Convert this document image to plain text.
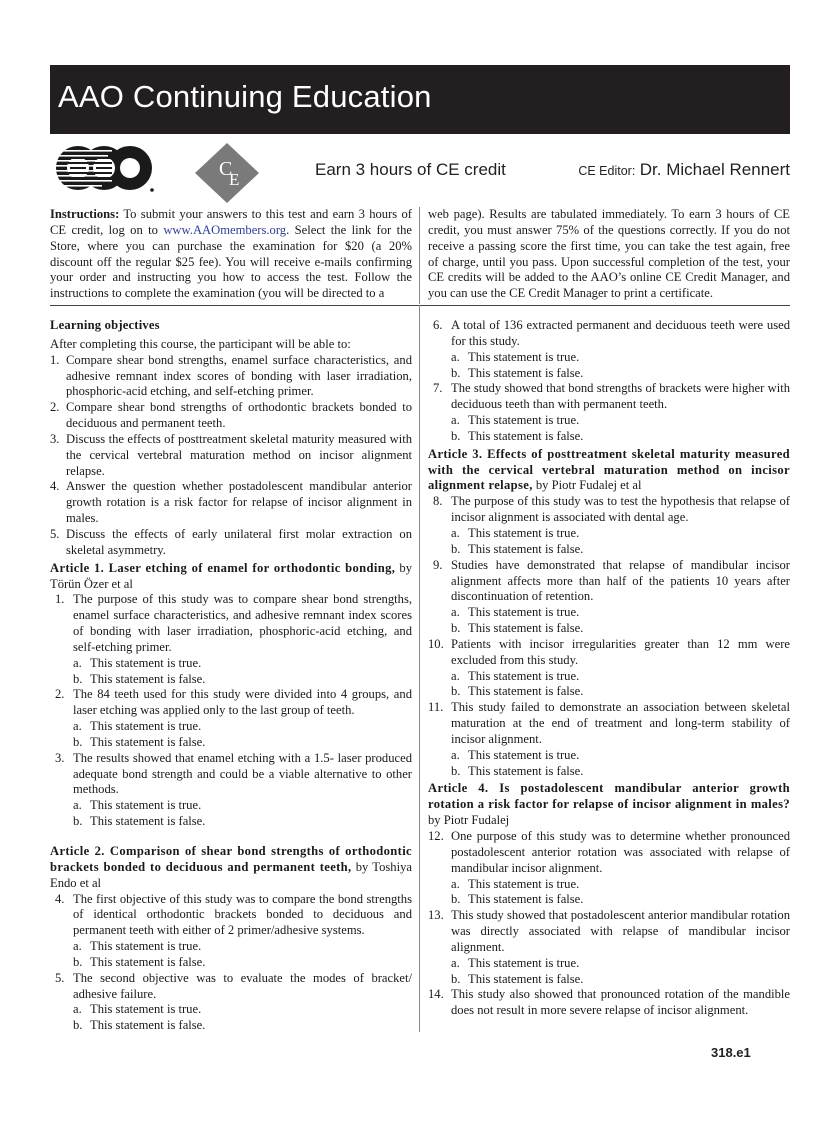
AAO Continuing Education
C
E
Earn 3 hours of CE credit	CE Editor: Dr. Michael Rennert

Instructions: To submit your answers to this test and earn 3 hours of CE credit, log on to www.AAOmembers.org. Select the link for the Store, where you can purchase the examination for $20 (a 20% discount off the regular $25 fee). You will receive e-mails confirming your order and instructing you how to access the test. Follow the instructions to complete the examination (you will be directed to a

web page). Results are tabulated immediately. To earn 3 hours of CE credit, you must answer 75% of the questions correctly. If you do not receive a passing score the first time, you can take the test again, free of charge, until you pass. Upon successful completion of the test, your CE credits will be added to the AAO’s online CE Credit Manager, and you can use the CE Credit Manager to print a certificate.

Learning objectives
After completing this course, the participant will be able to:
1. Compare shear bond strengths, enamel surface characteristics, and adhesive remnant index scores of bonding with laser irradiation, phosphoric-acid etching, and self-etching primer.
2. Compare shear bond strengths of orthodontic brackets bonded to deciduous and permanent teeth.
3. Discuss the effects of posttreatment skeletal maturity measured with the cervical vertebral maturation method on incisor alignment relapse.
4. Answer the question whether postadolescent mandibular anterior growth rotation is a risk factor for relapse of incisor alignment in males.
5. Discuss the effects of early unilateral first molar extraction on skeletal asymmetry.
Article 1. Laser etching of enamel for orthodontic bonding, by Törün Özer et al
1. The purpose of this study was to compare shear bond strengths, enamel surface characteristics, and adhesive remnant index scores of bonding with laser irradiation, phosphoric-acid etching, and self-etching primer.
a. This statement is true.
b. This statement is false.
2. The 84 teeth used for this study were divided into 4 groups, and laser etching was applied only to the last group of teeth.
a. This statement is true.
b. This statement is false.
3. The results showed that enamel etching with a 1.5- laser produced adequate bond strength and could be a viable alternative to other methods.
a. This statement is true.
b. This statement is false.
Article 2. Comparison of shear bond strengths of orthodontic brackets bonded to deciduous and permanent teeth, by Toshiya Endo et al
4. The first objective of this study was to compare the bond strengths of identical orthodontic brackets bonded to deciduous and permanent teeth with either of 2 primer/adhesive systems.
a. This statement is true.
b. This statement is false.
5. The second objective was to evaluate the modes of bracket/ adhesive failure.
a. This statement is true.
b. This statement is false.
6. A total of 136 extracted permanent and deciduous teeth were used for this study.
a. This statement is true.
b. This statement is false.
7. The study showed that bond strengths of brackets were higher with deciduous teeth than with permanent teeth.
a. This statement is true.
b. This statement is false.
Article 3. Effects of posttreatment skeletal maturity measured with the cervical vertebral maturation method on incisor alignment relapse, by Piotr Fudalej et al
8. The purpose of this study was to test the hypothesis that relapse of incisor alignment is associated with dental age.
a. This statement is true.
b. This statement is false.
9. Studies have demonstrated that relapse of mandibular incisor alignment affects more than half of the patients 10 years after discontinuation of retention.
a. This statement is true.
b. This statement is false.
10. Patients with incisor irregularities greater than 12 mm were excluded from this study.
a. This statement is true.
b. This statement is false.
11. This study failed to demonstrate an association between skeletal maturation at the end of treatment and long-term stability of incisor alignment.
a. This statement is true.
b. This statement is false.
Article 4. Is postadolescent mandibular anterior growth rotation a risk factor for relapse of incisor alignment in males? by Piotr Fudalej
12. One purpose of this study was to determine whether pronounced postadolescent anterior rotation was associated with relapse of mandibular incisor alignment.
a. This statement is true.
b. This statement is false.
13. This study showed that postadolescent anterior mandibular rotation was directly associated with relapse of mandibular incisor alignment.
a. This statement is true.
b. This statement is false.
14. This study also showed that pronounced rotation of the mandible does not result in more severe relapse of incisor alignment.
318.e1
